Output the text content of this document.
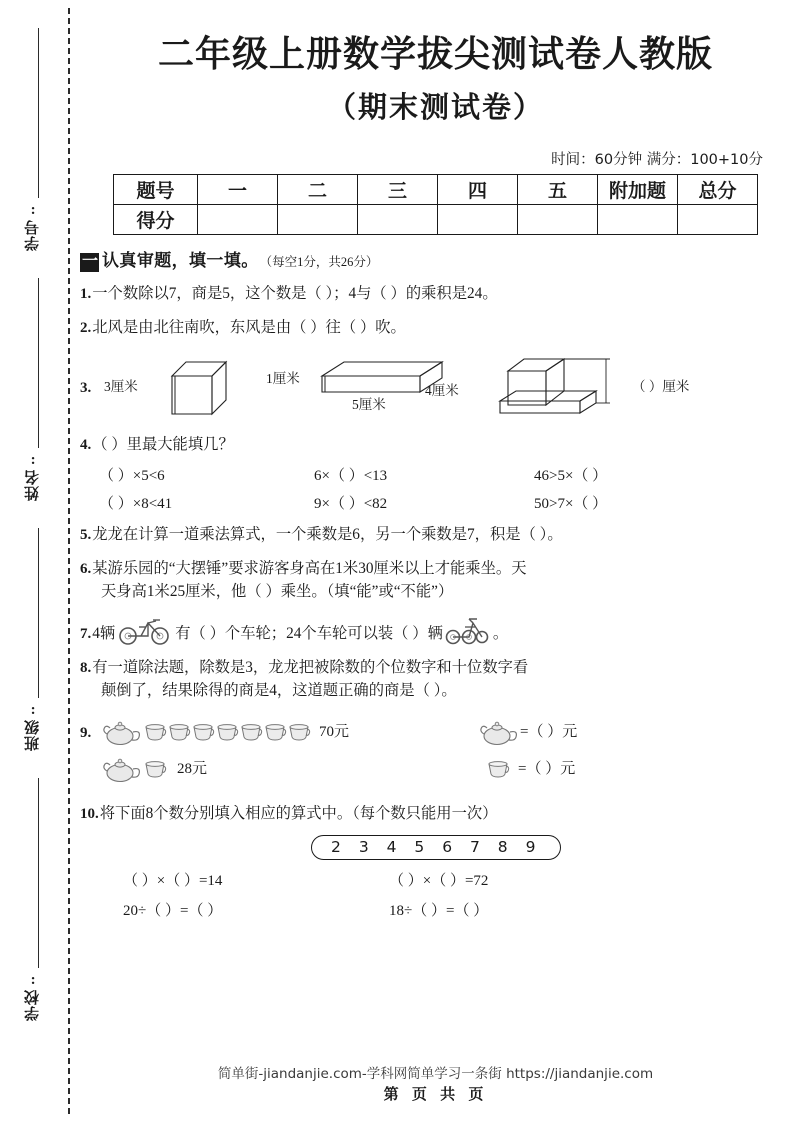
学号:
姓名:
班级:
学校:
二年级上册数学拔尖测试卷人教版
（期末测试卷）
时间：60分钟 满分：100+10分
题号	一	二	三	四	五	附加题	总分
得分							
一 认真审题，填一填。 （每空1分，共26分）
1.一个数除以7，商是5，这个数是（ ）；4与（ ）的乘积是24。
2.北风是由北往南吹，东风是由（ ）往（ ）吹。
3. 3厘米
1厘米
5厘米
4厘米	（ ）厘米
4.（ ）里最大能填几？
（ ）×5<6	6×（ ）<13	46>5×（ ）
（ ）×8<41	9×（ ）<82	50>7×（ ）
5.龙龙在计算一道乘法算式，一个乘数是6，另一个乘数是7，积是（ ）。
6.某游乐园的“大摆锤”要求游客身高在1米30厘米以上才能乘坐。天
天身高1米25厘米，他（ ）乘坐。（填“能”或“不能”）
7.4辆	有（ ）个车轮；24个车轮可以装（ ）辆	。
8.有一道除法题，除数是3，龙龙把被除数的个位数字和十位数字看
颠倒了，结果除得的商是4，这道题正确的商是（ ）。
9.	70元
28元
=（ ）元
=（ ）元
10.将下面8个数分别填入相应的算式中。（每个数只能用一次）
2 3 4 5 6 7 8 9
（ ）×（ ）=14	（ ）×（ ）=72
20÷（ ）=（ ）	18÷（ ）=（ ）
简单街-jiandanjie.com-学科网简单学习一条街 https://jiandanjie.com
第 页 共 页
